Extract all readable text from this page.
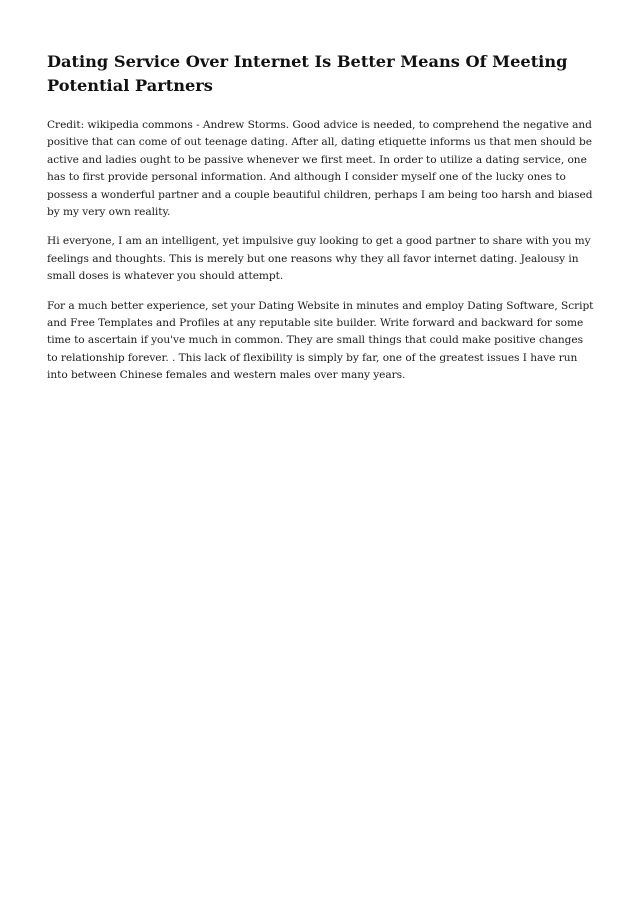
Dating Service Over Internet Is Better Means Of Meeting Potential Partners

Credit: wikipedia commons - Andrew Storms. Good advice is needed, to comprehend the negative and positive that can come of out teenage dating. After all, dating etiquette informs us that men should be active and ladies ought to be passive whenever we first meet. In order to utilize a dating service, one has to first provide personal information. And although I consider myself one of the lucky ones to possess a wonderful partner and a couple beautiful children, perhaps I am being too harsh and biased by my very own reality.

Hi everyone, I am an intelligent, yet impulsive guy looking to get a good partner to share with you my feelings and thoughts. This is merely but one reasons why they all favor internet dating. Jealousy in small doses is whatever you should attempt.

For a much better experience, set your Dating Website in minutes and employ Dating Software, Script and Free Templates and Profiles at any reputable site builder. Write forward and backward for some time to ascertain if you've much in common. They are small things that could make positive changes to relationship forever. . This lack of flexibility is simply by far, one of the greatest issues I have run into between Chinese females and western males over many years.
